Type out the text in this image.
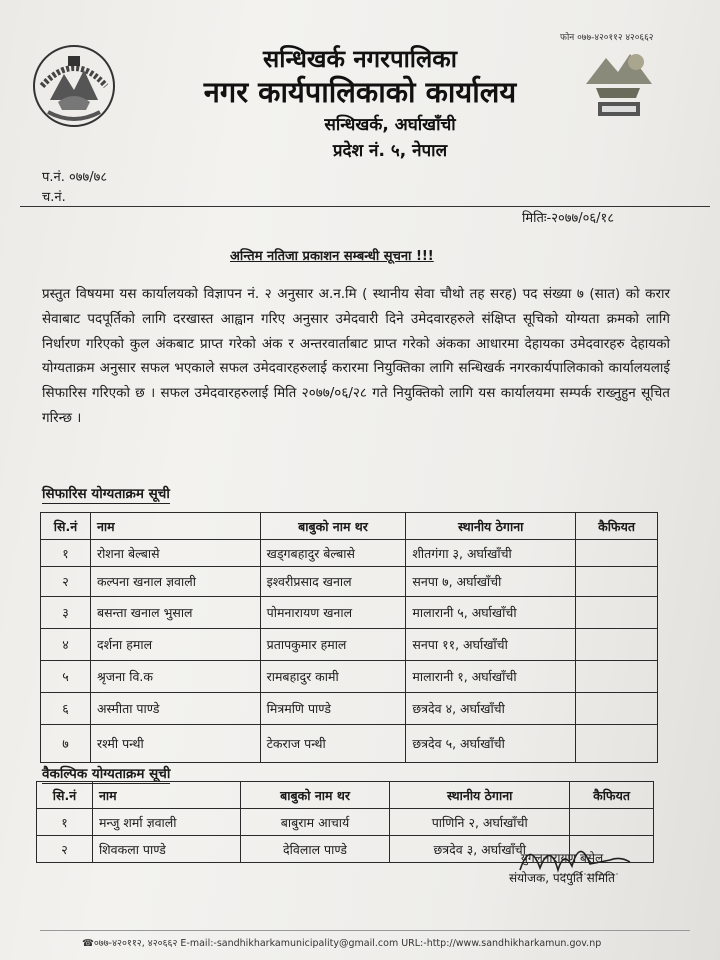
फोन ०७७-४२०११२ ४२०६६२
सन्धिखर्क नगरपालिका
नगर कार्यपालिकाको कार्यालय
सन्धिखर्क, अर्घाखाँची
प्रदेश नं. ५, नेपाल
प.नं. ०७७/७८
च.नं.
मितिः-२०७७/०६/१८
अन्तिम नतिजा प्रकाशन सम्बन्धी सूचना !!!
प्रस्तुत विषयमा यस कार्यालयको विज्ञापन नं. २ अनुसार अ.न.मि ( स्थानीय सेवा चौथो तह सरह) पद संख्या ७ (सात) को करार सेवाबाट पदपूर्तिको लागि दरखास्त आह्वान गरिए अनुसार उमेदवारी दिने उमेदवारहरुले संक्षिप्त सूचिको योग्यता क्रमको लागि निर्धारण गरिएको कुल अंकबाट प्राप्त गरेको अंक र अन्तरवार्ताबाट प्राप्त गरेको अंकका आधारमा देहायका उमेदवारहरु देहायको योग्यताक्रम अनुसार सफल भएकाले सफल उमेदवारहरुलाई करारमा नियुक्तिका लागि सन्धिखर्क नगरकार्यपालिकाको कार्यालयलाई सिफारिस गरिएको छ । सफल उमेदवारहरुलाई मिति २०७७/०६/२८ गते नियुक्तिको लागि यस कार्यालयमा सम्पर्क राख्नुहुन सूचित गरिन्छ ।
सिफारिस योग्यताक्रम सूची
सि.नं	नाम	बाबुको नाम थर	स्थानीय ठेगाना	कैफियत
१	रोशना बेल्बासे	खड्गबहादुर बेल्बासे	शीतगंगा ३, अर्घाखाँची	
२	कल्पना खनाल ज्ञवाली	इश्वरीप्रसाद खनाल	सनपा ७, अर्घाखाँची	
३	बसन्ता खनाल भुसाल	पोमनारायण खनाल	मालारानी ५, अर्घाखाँची	
४	दर्शना हमाल	प्रतापकुमार हमाल	सनपा ११, अर्घाखाँची	
५	श्रृजना वि.क	रामबहादुर कामी	मालारानी १, अर्घाखाँची	
६	अस्मीता पाण्डे	मित्रमणि पाण्डे	छत्रदेव ४, अर्घाखाँची	
७	रश्मी पन्थी	टेकराज पन्थी	छत्रदेव ५, अर्घाखाँची	
वैकल्पिक योग्यताक्रम सूची
सि.नं	नाम	बाबुको नाम थर	स्थानीय ठेगाना	कैफियत
१	मन्जु शर्मा ज्ञवाली	बाबुराम आचार्य	पाणिनि २, अर्घाखाँची	
२	शिवकला पाण्डे	देविलाल पाण्डे	छत्रदेव ३, अर्घाखाँची	
युगलनारायण बसेल
संयोजक, पदपुर्ति समिति
☎०७७-४२०११२, ४२०६६२ E-mail:-sandhikharkamunicipality@gmail.com URL:-http://www.sandhikharkamun.gov.np
